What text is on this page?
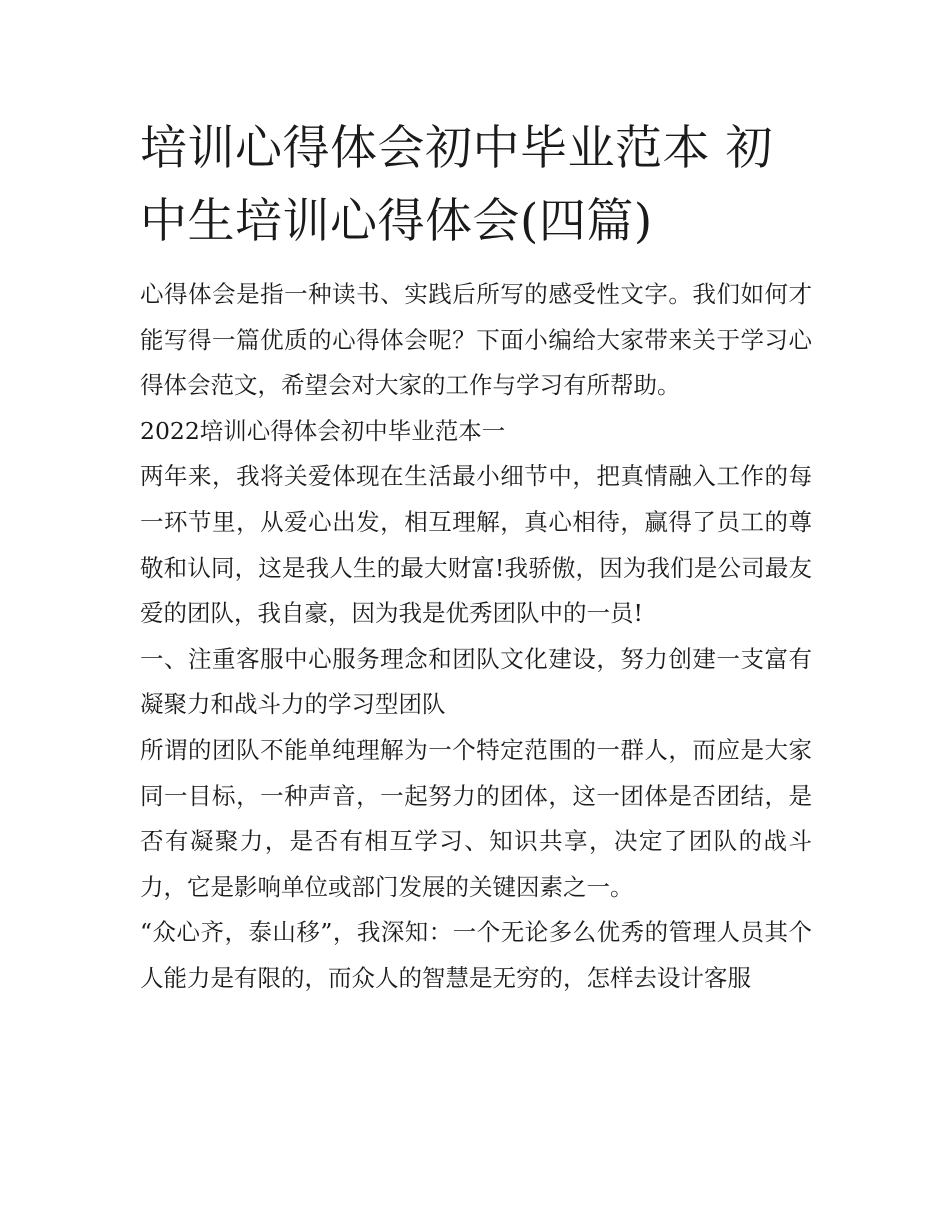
培训心得体会初中毕业范本 初中生培训心得体会(四篇)

心得体会是指一种读书、实践后所写的感受性文字。我们如何才能写得一篇优质的心得体会呢？下面小编给大家带来关于学习心得体会范文，希望会对大家的工作与学习有所帮助。

2022培训心得体会初中毕业范本一

两年来，我将关爱体现在生活最小细节中，把真情融入工作的每一环节里，从爱心出发，相互理解，真心相待，赢得了员工的尊敬和认同，这是我人生的最大财富!我骄傲，因为我们是公司最友爱的团队，我自豪，因为我是优秀团队中的一员!

一、注重客服中心服务理念和团队文化建设，努力创建一支富有凝聚力和战斗力的学习型团队

所谓的团队不能单纯理解为一个特定范围的一群人，而应是大家同一目标，一种声音，一起努力的团体，这一团体是否团结，是否有凝聚力，是否有相互学习、知识共享，决定了团队的战斗力，它是影响单位或部门发展的关键因素之一。

“众心齐，泰山移”，我深知：一个无论多么优秀的管理人员其个人能力是有限的，而众人的智慧是无穷的，怎样去设计客服
